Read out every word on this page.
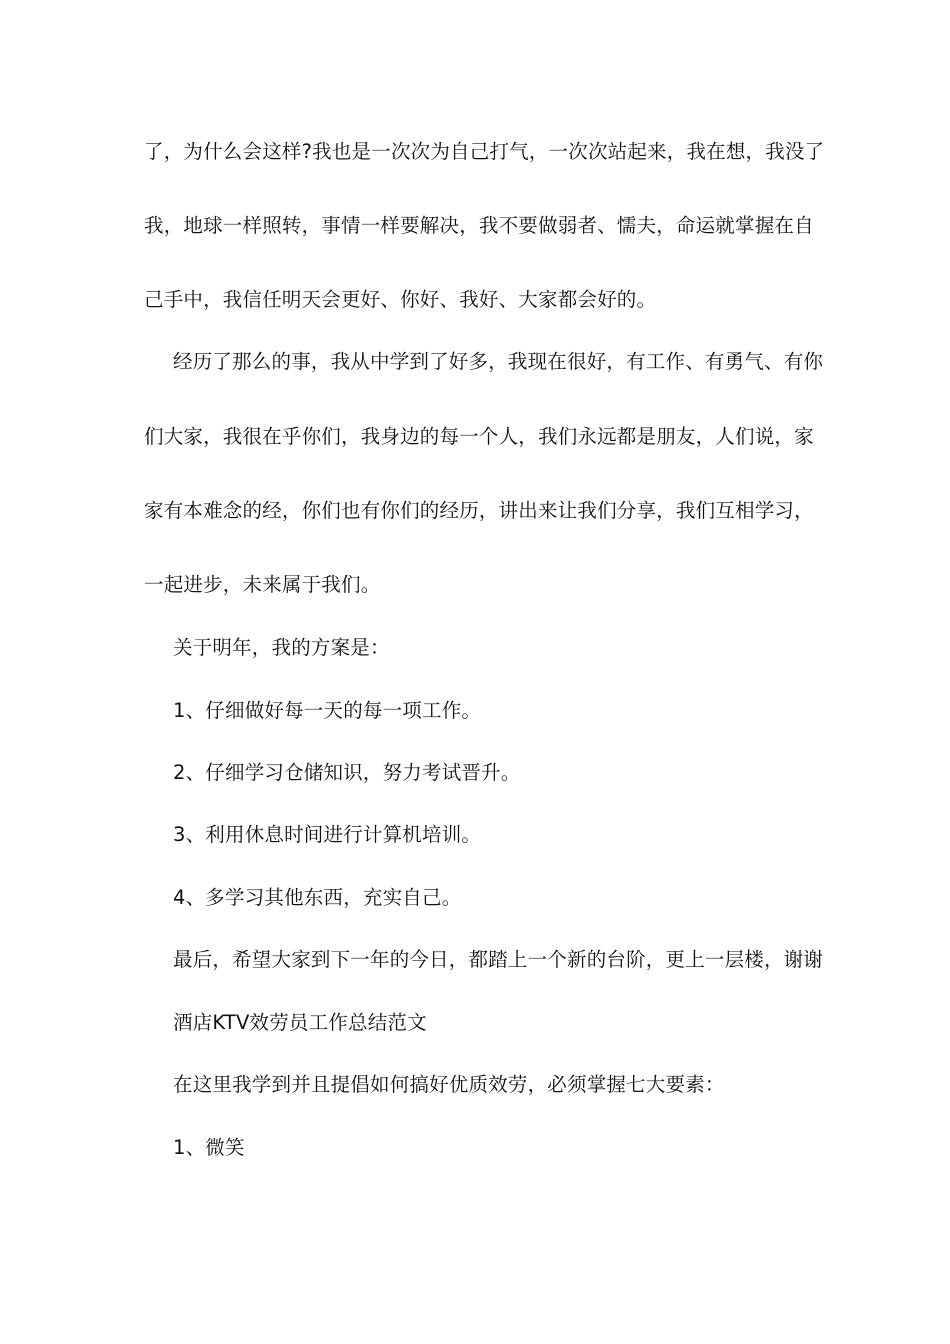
了，为什么会这样?我也是一次次为自己打气，一次次站起来，我在想，我没了
我，地球一样照转，事情一样要解决，我不要做弱者、懦夫，命运就掌握在自
己手中，我信任明天会更好、你好、我好、大家都会好的。
经历了那么的事，我从中学到了好多，我现在很好，有工作、有勇气、有你
们大家，我很在乎你们，我身边的每一个人，我们永远都是朋友，人们说，家
家有本难念的经，你们也有你们的经历，讲出来让我们分享，我们互相学习，
一起进步，未来属于我们。
关于明年，我的方案是：
1、仔细做好每一天的每一项工作。
2、仔细学习仓储知识，努力考试晋升。
3、利用休息时间进行计算机培训。
4、多学习其他东西，充实自己。
最后，希望大家到下一年的今日，都踏上一个新的台阶，更上一层楼，谢谢
酒店KTV效劳员工作总结范文
在这里我学到并且提倡如何搞好优质效劳，必须掌握七大要素：
1、微笑
